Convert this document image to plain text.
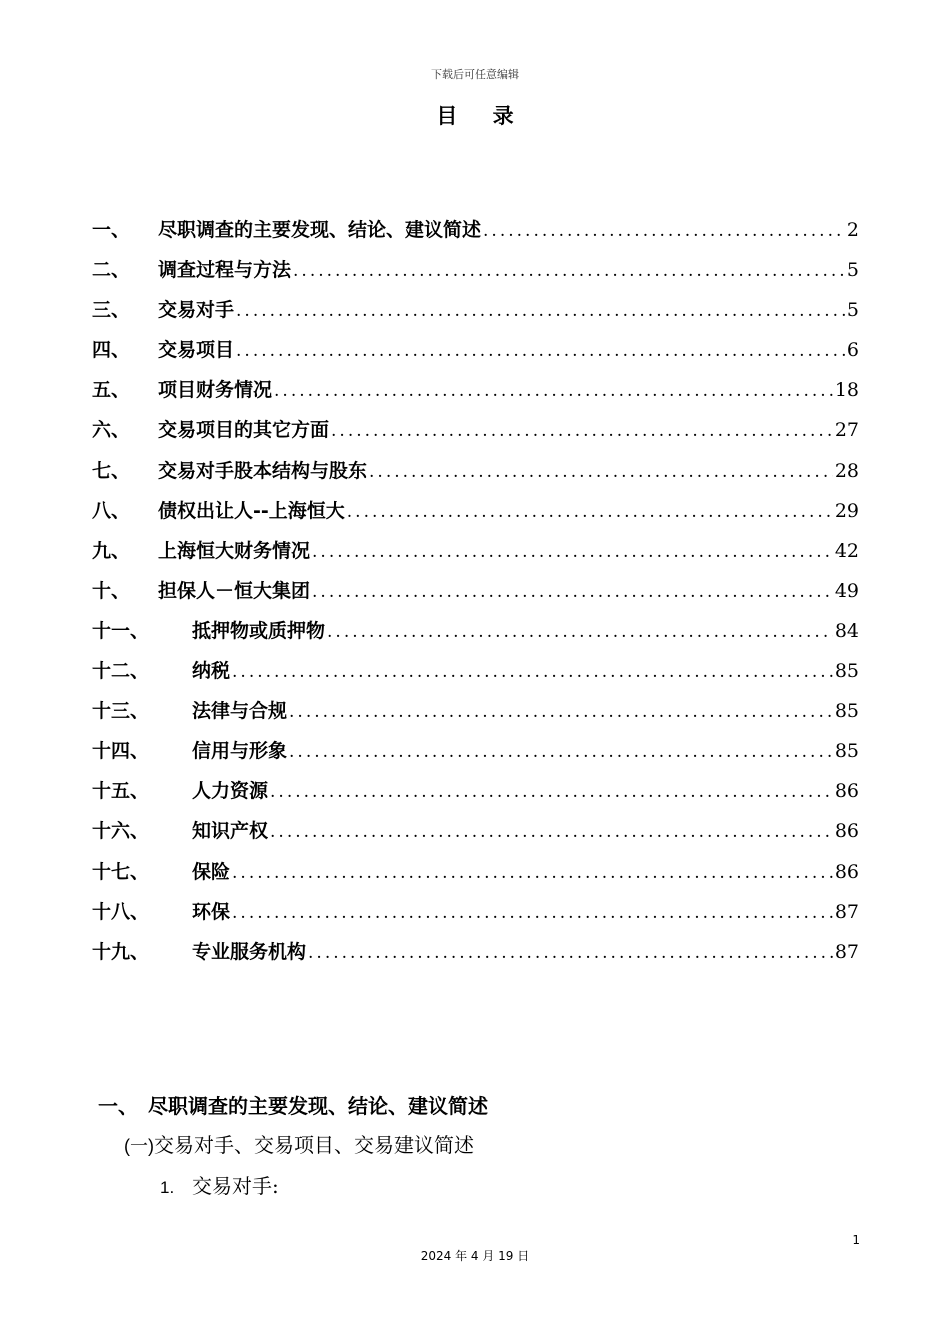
下载后可任意编辑
目 录
一、	尽职调查的主要发现、结论、建议简述 .....	2
二、	调查过程与方法 .....	5
三、	交易对手 .....	5
四、	交易项目 .....	6
五、	项目财务情况 .....	18
六、	交易项目的其它方面 .....	27
七、	交易对手股本结构与股东 .....	28
八、	债权出让人--上海恒大 .....	29
九、	上海恒大财务情况 .....	42
十、	担保人－恒大集团 .....	49
十一、	抵押物或质押物 .....	84
十二、	纳税 .....	85
十三、	法律与合规 .....	85
十四、	信用与形象 .....	85
十五、	人力资源 .....	86
十六、	知识产权 .....	86
十七、	保险 .....	86
十八、	环保 .....	87
十九、	专业服务机构 .....	87
一、 尽职调查的主要发现、结论、建议简述
(一)交易对手、交易项目、交易建议简述
1. 交易对手:
1
2024 年 4 月 19 日
